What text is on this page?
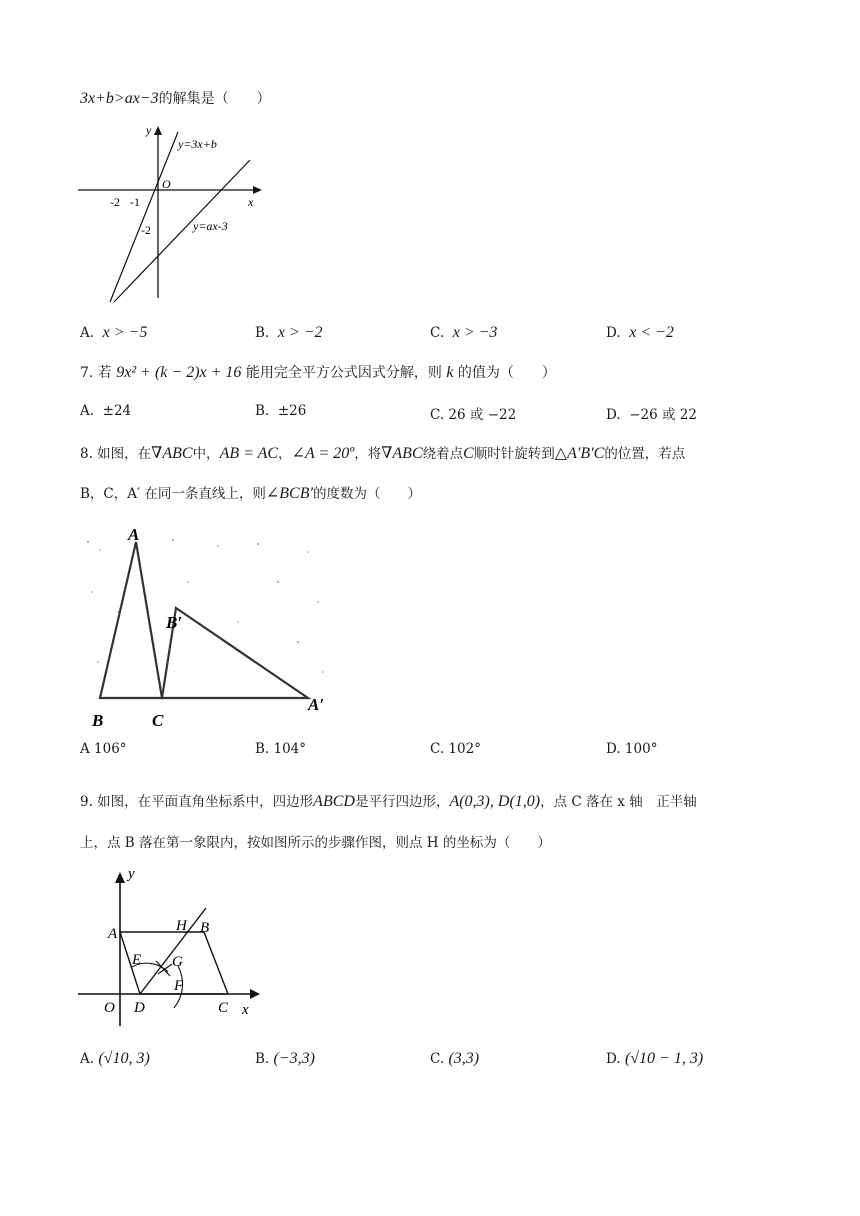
3x+b>ax−3的解集是（　　）
y
x
O
y=3x+b
y=ax-3
-2 -1
-2
A. x > −5	B. x > −2	C. x > −3	D. x < −2
7. 若 9x² + (k − 2)x + 16 能用完全平方公式因式分解，则 k 的值为（　　）
A. ±24	B. ±26	C. 26 或 −22	D. −26 或 22
8. 如图，在∇ABC中，AB = AC，∠A = 20º，将∇ABC绕着点C顺时针旋转到△A′B′C的位置，若点
B，C，A′ 在同一条直线上，则∠BCB′的度数为（　　）
A
B	C
B′
A′
A 106°	B. 104°	C. 102°	D. 100°
9. 如图，在平面直角坐标系中，四边形ABCD是平行四边形，A(0,3), D(1,0)，点 C 落在 x 轴　正半轴
上，点 B 落在第一象限内，按如图所示的步骤作图，则点 H 的坐标为（　　）
y
x
O
A	B
C
D
E
F
G
H
A. (√10, 3)	B. (−3,3)	C. (3,3)	D. (√10 − 1, 3)
